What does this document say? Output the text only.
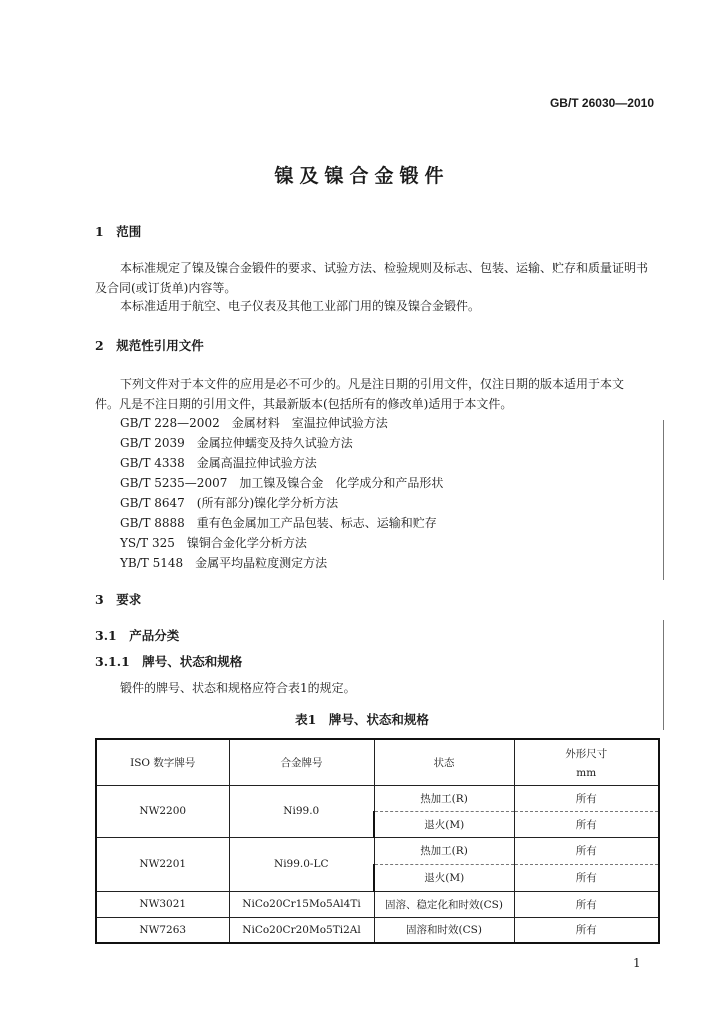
GB/T 26030—2010
镍及镍合金锻件
1　范围
本标准规定了镍及镍合金锻件的要求、试验方法、检验规则及标志、包装、运输、贮存和质量证明书
及合同(或订货单)内容等。
本标准适用于航空、电子仪表及其他工业部门用的镍及镍合金锻件。
2　规范性引用文件
下列文件对于本文件的应用是必不可少的。凡是注日期的引用文件，仅注日期的版本适用于本文
件。凡是不注日期的引用文件，其最新版本(包括所有的修改单)适用于本文件。
GB/T 228—2002　金属材料　室温拉伸试验方法
GB/T 2039　金属拉伸蠕变及持久试验方法
GB/T 4338　金属高温拉伸试验方法
GB/T 5235—2007　加工镍及镍合金　化学成分和产品形状
GB/T 8647　(所有部分)镍化学分析方法
GB/T 8888　重有色金属加工产品包装、标志、运输和贮存
YS/T 325　镍铜合金化学分析方法
YB/T 5148　金属平均晶粒度测定方法
3　要求
3.1　产品分类
3.1.1　牌号、状态和规格
锻件的牌号、状态和规格应符合表1的规定。
表1　牌号、状态和规格
ISO 数字牌号	合金牌号	状态	外形尺寸
mm

NW2200	Ni99.0	热加工(R)	所有
		退火(M)	所有
NW2201	Ni99.0-LC	热加工(R)	所有
		退火(M)	所有
NW3021	NiCo20Cr15Mo5Al4Ti	固溶、稳定化和时效(CS)	所有
NW7263	NiCo20Cr20Mo5Ti2Al	固溶和时效(CS)	所有
1
